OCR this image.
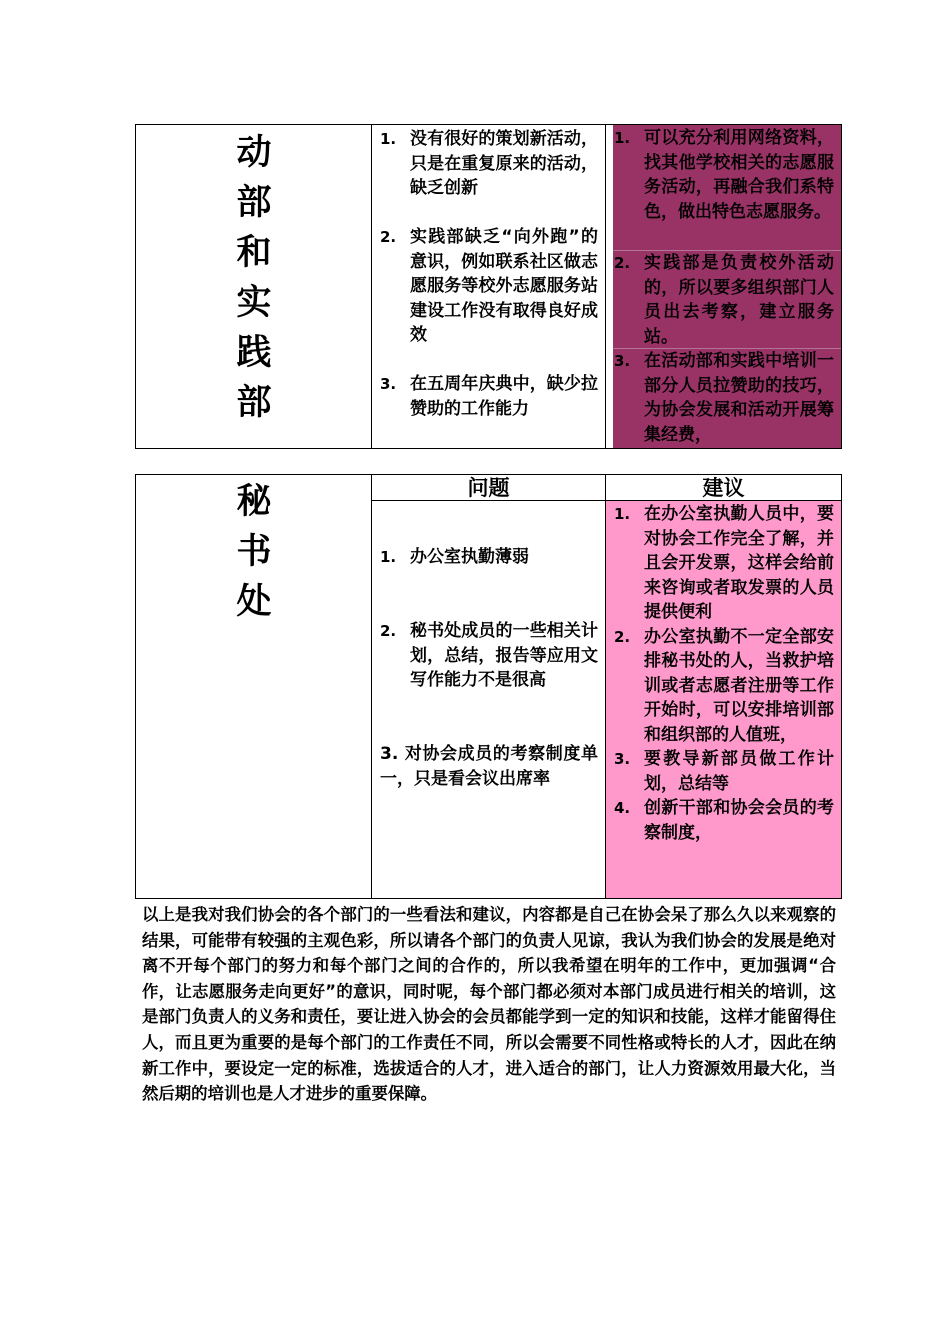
动
部
和
实
践
部
1. 没有很好的策划新活动，只是在重复原来的活动，缺乏创新
2. 实践部缺乏“向外跑”的意识，例如联系社区做志愿服务等校外志愿服务站建设工作没有取得良好成效
3. 在五周年庆典中，缺少拉赞助的工作能力
1. 可以充分利用网络资料，找其他学校相关的志愿服务活动，再融合我们系特色，做出特色志愿服务。
2. 实践部是负责校外活动的，所以要多组织部门人员出去考察，建立服务站。
3. 在活动部和实践中培训一部分人员拉赞助的技巧，为协会发展和活动开展筹集经费，
秘
书
处
问题	建议
1. 办公室执勤薄弱
2. 秘书处成员的一些相关计划，总结，报告等应用文写作能力不是很高
3. 对协会成员的考察制度单一，只是看会议出席率
1. 在办公室执勤人员中，要对协会工作完全了解，并且会开发票，这样会给前来咨询或者取发票的人员提供便利
2. 办公室执勤不一定全部安排秘书处的人，当救护培训或者志愿者注册等工作开始时，可以安排培训部和组织部的人值班，
3. 要教导新部员做工作计划，总结等
4. 创新干部和协会会员的考察制度，

以上是我对我们协会的各个部门的一些看法和建议，内容都是自己在协会呆了那么久以来观察的结果，可能带有较强的主观色彩，所以请各个部门的负责人见谅，我认为我们协会的发展是绝对离不开每个部门的努力和每个部门之间的合作的，所以我希望在明年的工作中，更加强调“合作，让志愿服务走向更好”的意识，同时呢，每个部门都必须对本部门成员进行相关的培训，这是部门负责人的义务和责任，要让进入协会的会员都能学到一定的知识和技能，这样才能留得住人，而且更为重要的是每个部门的工作责任不同，所以会需要不同性格或特长的人才，因此在纳新工作中，要设定一定的标准，选拔适合的人才，进入适合的部门，让人力资源效用最大化，当然后期的培训也是人才进步的重要保障。
